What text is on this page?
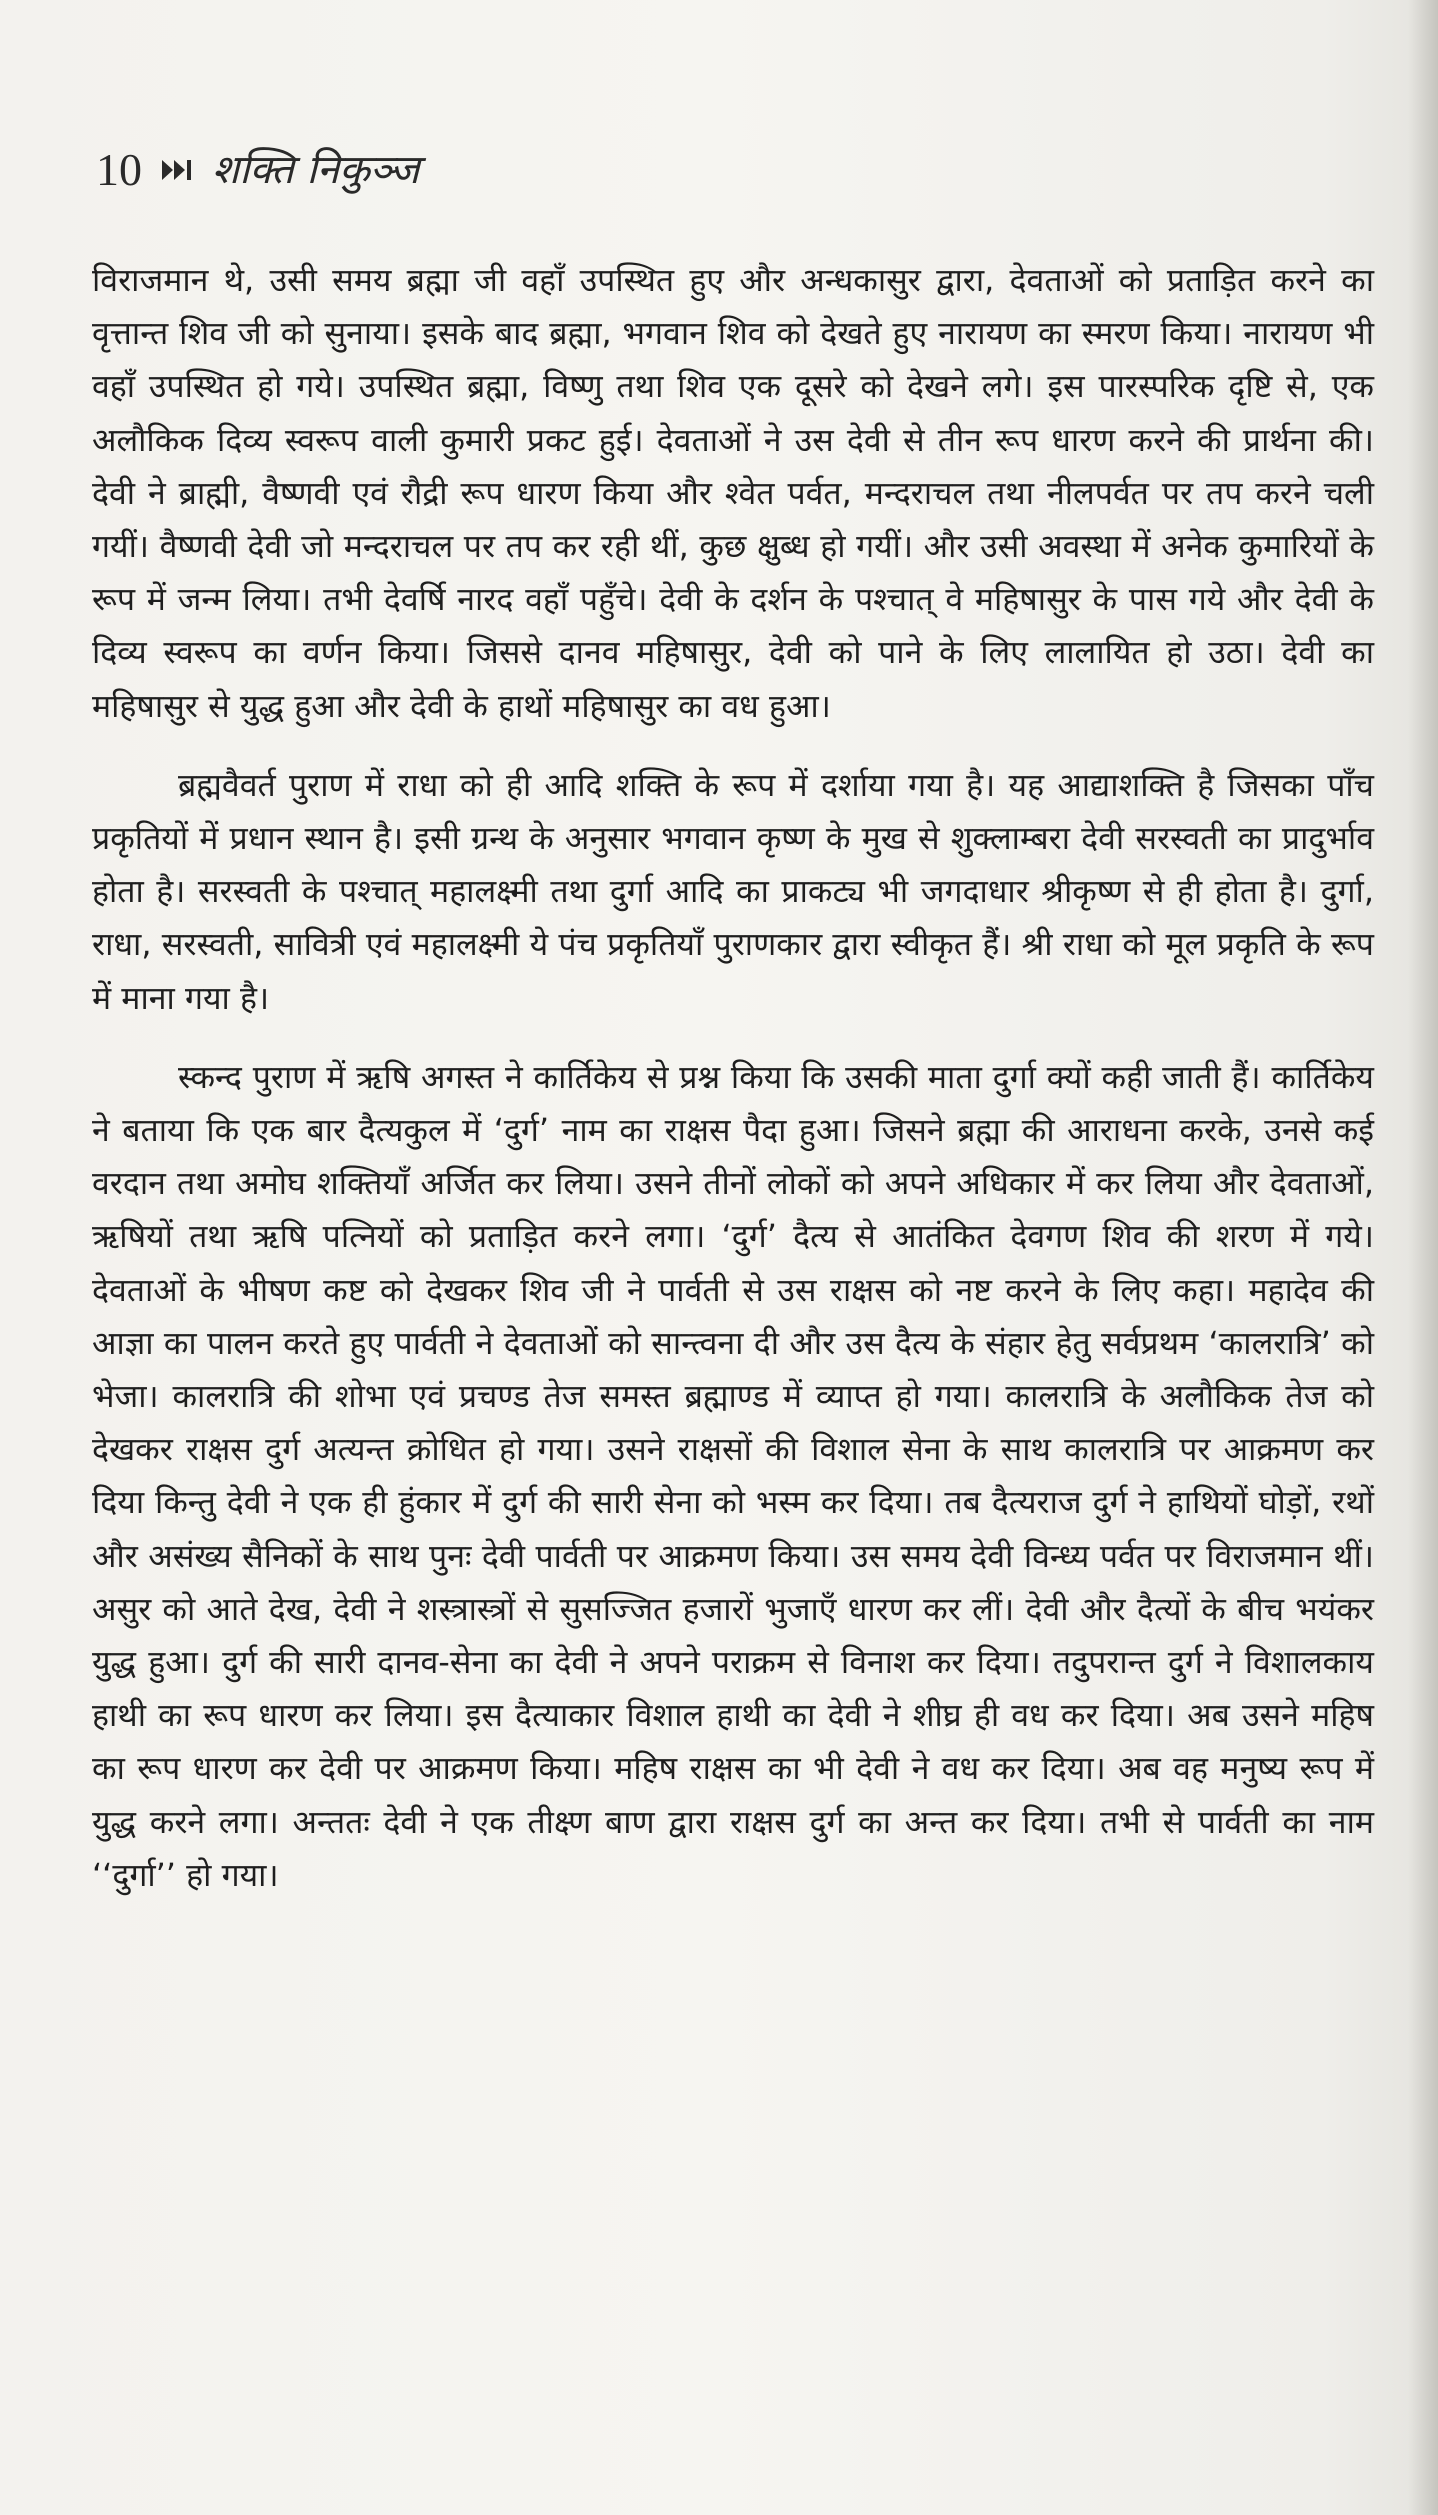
10 शक्ति निकुञ्ज

विराजमान थे, उसी समय ब्रह्मा जी वहाँ उपस्थित हुए और अन्धकासुर द्वारा, देवताओं को प्रताड़ित करने का वृत्तान्त शिव जी को सुनाया। इसके बाद ब्रह्मा, भगवान शिव को देखते हुए नारायण का स्मरण किया। नारायण भी वहाँ उपस्थित हो गये। उपस्थित ब्रह्मा, विष्णु तथा शिव एक दूसरे को देखने लगे। इस पारस्परिक दृष्टि से, एक अलौकिक दिव्य स्वरूप वाली कुमारी प्रकट हुई। देवताओं ने उस देवी से तीन रूप धारण करने की प्रार्थना की। देवी ने ब्राह्मी, वैष्णवी एवं रौद्री रूप धारण किया और श्वेत पर्वत, मन्दराचल तथा नीलपर्वत पर तप करने चली गयीं। वैष्णवी देवी जो मन्दराचल पर तप कर रही थीं, कुछ क्षुब्ध हो गयीं। और उसी अवस्था में अनेक कुमारियों के रूप में जन्म लिया। तभी देवर्षि नारद वहाँ पहुँचे। देवी के दर्शन के पश्चात् वे महिषासुर के पास गये और देवी के दिव्य स्वरूप का वर्णन किया। जिससे दानव महिषासुर, देवी को पाने के लिए लालायित हो उठा। देवी का महिषासुर से युद्ध हुआ और देवी के हाथों महिषासुर का वध हुआ।

ब्रह्मवैवर्त पुराण में राधा को ही आदि शक्ति के रूप में दर्शाया गया है। यह आद्याशक्ति है जिसका पाँच प्रकृतियों में प्रधान स्थान है। इसी ग्रन्थ के अनुसार भगवान कृष्ण के मुख से शुक्लाम्बरा देवी सरस्वती का प्रादुर्भाव होता है। सरस्वती के पश्चात् महालक्ष्मी तथा दुर्गा आदि का प्राकट्य भी जगदाधार श्रीकृष्ण से ही होता है। दुर्गा, राधा, सरस्वती, सावित्री एवं महालक्ष्मी ये पंच प्रकृतियाँ पुराणकार द्वारा स्वीकृत हैं। श्री राधा को मूल प्रकृति के रूप में माना गया है।

स्कन्द पुराण में ऋषि अगस्त ने कार्तिकेय से प्रश्न किया कि उसकी माता दुर्गा क्यों कही जाती हैं। कार्तिकेय ने बताया कि एक बार दैत्यकुल में ‘दुर्ग’ नाम का राक्षस पैदा हुआ। जिसने ब्रह्मा की आराधना करके, उनसे कई वरदान तथा अमोघ शक्तियाँ अर्जित कर लिया। उसने तीनों लोकों को अपने अधिकार में कर लिया और देवताओं, ऋषियों तथा ऋषि पत्नियों को प्रताड़ित करने लगा। ‘दुर्ग’ दैत्य से आतंकित देवगण शिव की शरण में गये। देवताओं के भीषण कष्ट को देखकर शिव जी ने पार्वती से उस राक्षस को नष्ट करने के लिए कहा। महादेव की आज्ञा का पालन करते हुए पार्वती ने देवताओं को सान्त्वना दी और उस दैत्य के संहार हेतु सर्वप्रथम ‘कालरात्रि’ को भेजा। कालरात्रि की शोभा एवं प्रचण्ड तेज समस्त ब्रह्माण्ड में व्याप्त हो गया। कालरात्रि के अलौकिक तेज को देखकर राक्षस दुर्ग अत्यन्त क्रोधित हो गया। उसने राक्षसों की विशाल सेना के साथ कालरात्रि पर आक्रमण कर दिया किन्तु देवी ने एक ही हुंकार में दुर्ग की सारी सेना को भस्म कर दिया। तब दैत्यराज दुर्ग ने हाथियों घोड़ों, रथों और असंख्य सैनिकों के साथ पुनः देवी पार्वती पर आक्रमण किया। उस समय देवी विन्ध्य पर्वत पर विराजमान थीं। असुर को आते देख, देवी ने शस्त्रास्त्रों से सुसज्जित हजारों भुजाएँ धारण कर लीं। देवी और दैत्यों के बीच भयंकर युद्ध हुआ। दुर्ग की सारी दानव-सेना का देवी ने अपने पराक्रम से विनाश कर दिया। तदुपरान्त दुर्ग ने विशालकाय हाथी का रूप धारण कर लिया। इस दैत्याकार विशाल हाथी का देवी ने शीघ्र ही वध कर दिया। अब उसने महिष का रूप धारण कर देवी पर आक्रमण किया। महिष राक्षस का भी देवी ने वध कर दिया। अब वह मनुष्य रूप में युद्ध करने लगा। अन्ततः देवी ने एक तीक्ष्ण बाण द्वारा राक्षस दुर्ग का अन्त कर दिया। तभी से पार्वती का नाम ‘‘दुर्गा’’ हो गया।
